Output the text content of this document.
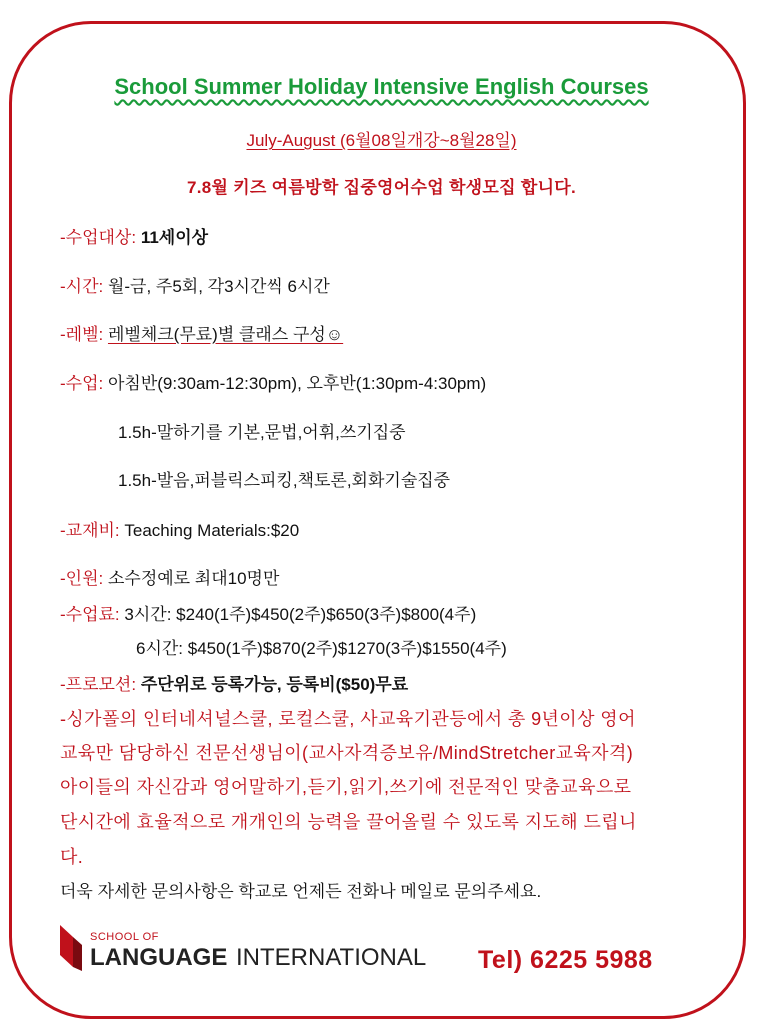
School Summer Holiday Intensive English Courses
July-August (6월08일개강~8월28일)
7.8월 키즈 여름방학 집중영어수업 학생모집 합니다.
-수업대상: 11세이상
-시간: 월-금, 주5회, 각3시간씩 6시간
-레벨: 레벨체크(무료)별 클래스 구성☺
-수업: 아침반(9:30am-12:30pm), 오후반(1:30pm-4:30pm)
1.5h-말하기를 기본,문법,어휘,쓰기집중
1.5h-발음,퍼블릭스피킹,책토론,회화기술집중
-교재비: Teaching Materials:$20
-인원: 소수정예로 최대10명만
-수업료: 3시간: $240(1주)$450(2주)$650(3주)$800(4주)
6시간: $450(1주)$870(2주)$1270(3주)$1550(4주)
-프로모션: 주단위로 등록가능, 등록비($50)무료
-싱가폴의 인터네셔널스쿨, 로컬스쿨, 사교육기관등에서 총 9년이상 영어
교육만 담당하신 전문선생님이(교사자격증보유/MindStretcher교육자격)
아이들의 자신감과 영어말하기,듣기,읽기,쓰기에 전문적인 맞춤교육으로
단시간에 효율적으로 개개인의 능력을 끌어올릴 수 있도록 지도해 드립니
다.
더욱 자세한 문의사항은 학교로 언제든 전화나 메일로 문의주세요.
SCHOOL OF
LANGUAGE INTERNATIONAL Tel) 6225 5988
